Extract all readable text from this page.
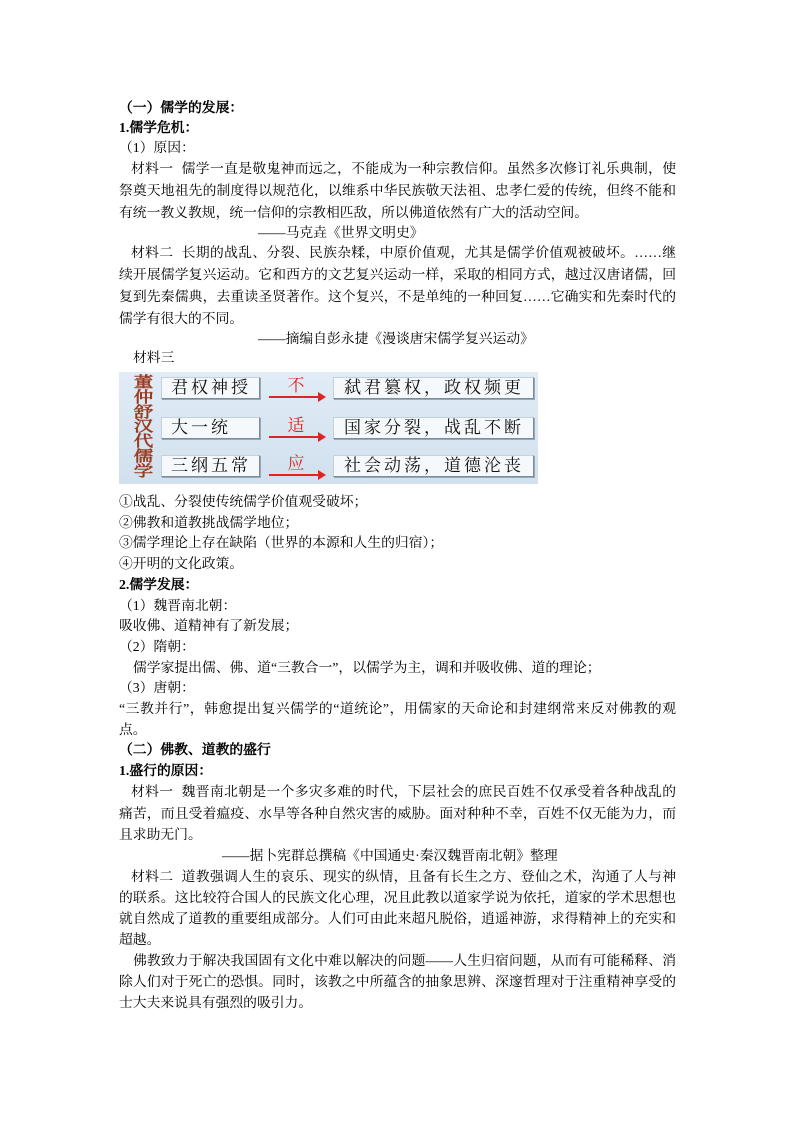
（一）儒学的发展：
1.儒学危机：
（1）原因：
材料一 儒学一直是敬鬼神而远之，不能成为一种宗教信仰。虽然多次修订礼乐典制，使祭奠天地祖先的制度得以规范化，以维系中华民族敬天法祖、忠孝仁爱的传统，但终不能和有统一教义教规，统一信仰的宗教相匹敌，所以佛道依然有广大的活动空间。
——马克垚《世界文明史》
材料二 长期的战乱、分裂、民族杂糅，中原价值观，尤其是儒学价值观被破坏。……继续开展儒学复兴运动。它和西方的文艺复兴运动一样，采取的相同方式，越过汉唐诸儒，回复到先秦儒典，去重读圣贤著作。这个复兴，不是单纯的一种回复……它确实和先秦时代的儒学有很大的不同。
——摘编自彭永捷《漫谈唐宋儒学复兴运动》
材料三
董仲舒汉代儒学
君权神授	不	弑君篡权，政权频更
大一统	适	国家分裂，战乱不断
三纲五常	应	社会动荡，道德沦丧
①战乱、分裂使传统儒学价值观受破坏；
②佛教和道教挑战儒学地位；
③儒学理论上存在缺陷（世界的本源和人生的归宿）；
④开明的文化政策。
2.儒学发展：
（1）魏晋南北朝：
吸收佛、道精神有了新发展；
（2）隋朝：
儒学家提出儒、佛、道“三教合一”，以儒学为主，调和并吸收佛、道的理论；
（3）唐朝：
“三教并行”，韩愈提出复兴儒学的“道统论”，用儒家的天命论和封建纲常来反对佛教的观点。
（二）佛教、道教的盛行
1.盛行的原因：
材料一 魏晋南北朝是一个多灾多难的时代，下层社会的庶民百姓不仅承受着各种战乱的痛苦，而且受着瘟疫、水旱等各种自然灾害的威胁。面对种种不幸，百姓不仅无能为力，而且求助无门。
——据卜宪群总撰稿《中国通史·秦汉魏晋南北朝》整理
材料二 道教强调人生的哀乐、现实的纵情，且备有长生之方、登仙之术，沟通了人与神的联系。这比较符合国人的民族文化心理，况且此教以道家学说为依托，道家的学术思想也就自然成了道教的重要组成部分。人们可由此来超凡脱俗，逍遥神游，求得精神上的充实和超越。
佛教致力于解决我国固有文化中难以解决的问题——人生归宿问题，从而有可能稀释、消除人们对于死亡的恐惧。同时，该教之中所蕴含的抽象思辨、深邃哲理对于注重精神享受的士大夫来说具有强烈的吸引力。
